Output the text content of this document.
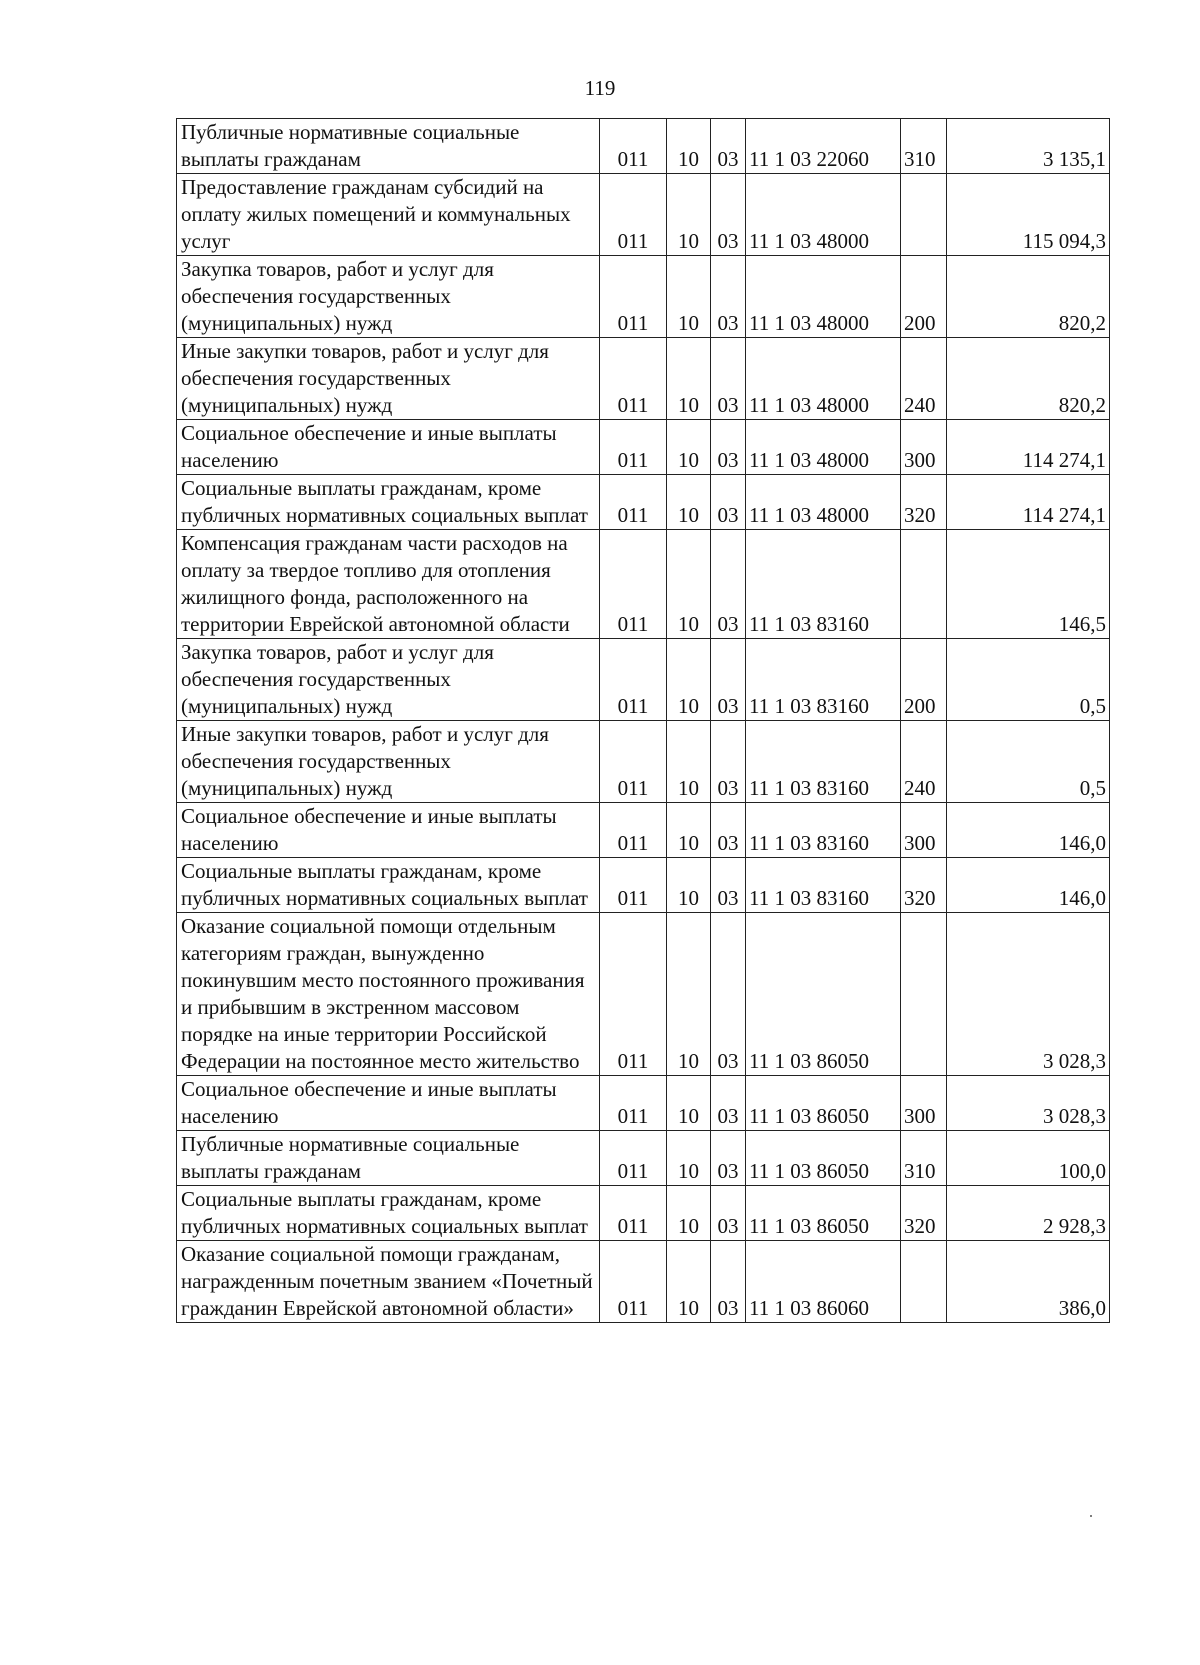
119
Публичные нормативные социальные выплаты гражданам	011	10	03	11 1 03 22060	310	3 135,1
Предоставление гражданам субсидий на оплату жилых помещений и коммунальных услуг	011	10	03	11 1 03 48000		115 094,3
Закупка товаров, работ и услуг для обеспечения государственных (муниципальных) нужд	011	10	03	11 1 03 48000	200	820,2
Иные закупки товаров, работ и услуг для обеспечения государственных (муниципальных) нужд	011	10	03	11 1 03 48000	240	820,2
Социальное обеспечение и иные выплаты населению	011	10	03	11 1 03 48000	300	114 274,1
Социальные выплаты гражданам, кроме публичных нормативных социальных выплат	011	10	03	11 1 03 48000	320	114 274,1
Компенсация гражданам части расходов на оплату за твердое топливо для отопления жилищного фонда, расположенного на территории Еврейской автономной области	011	10	03	11 1 03 83160		146,5
Закупка товаров, работ и услуг для обеспечения государственных (муниципальных) нужд	011	10	03	11 1 03 83160	200	0,5
Иные закупки товаров, работ и услуг для обеспечения государственных (муниципальных) нужд	011	10	03	11 1 03 83160	240	0,5
Социальное обеспечение и иные выплаты населению	011	10	03	11 1 03 83160	300	146,0
Социальные выплаты гражданам, кроме публичных нормативных социальных выплат	011	10	03	11 1 03 83160	320	146,0
Оказание социальной помощи отдельным категориям граждан, вынужденно покинувшим место постоянного проживания и прибывшим в экстренном массовом порядке на иные территории Российской Федерации на постоянное место жительство	011	10	03	11 1 03 86050		3 028,3
Социальное обеспечение и иные выплаты населению	011	10	03	11 1 03 86050	300	3 028,3
Публичные нормативные социальные выплаты гражданам	011	10	03	11 1 03 86050	310	100,0
Социальные выплаты гражданам, кроме публичных нормативных социальных выплат	011	10	03	11 1 03 86050	320	2 928,3
Оказание социальной помощи гражданам, награжденным почетным званием «Почетный гражданин Еврейской автономной области»	011	10	03	11 1 03 86060		386,0
